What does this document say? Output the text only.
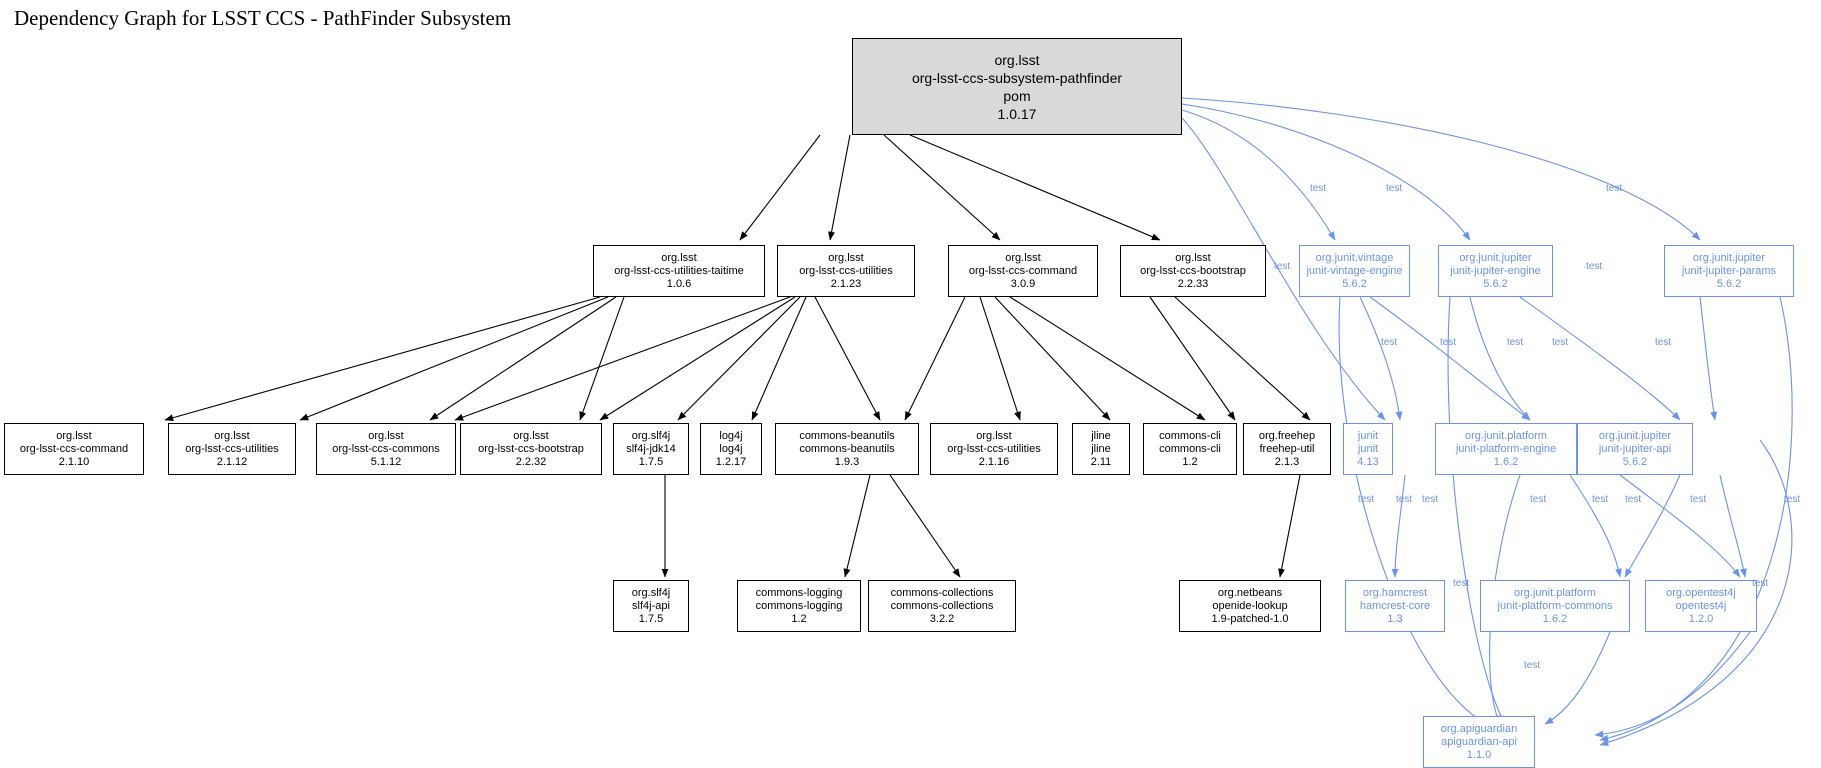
Dependency Graph for LSST CCS - PathFinder Subsystem
org.lsst
org-lsst-ccs-subsystem-pathfinder
pom
1.0.17
org.lsst
org-lsst-ccs-utilities-taitime
1.0.6
org.lsst
org-lsst-ccs-utilities
2.1.23
org.lsst
org-lsst-ccs-command
3.0.9
org.lsst
org-lsst-ccs-bootstrap
2.2.33
org.junit.vintage
junit-vintage-engine
5.6.2
org.junit.jupiter
junit-jupiter-engine
5.6.2
org.junit.jupiter
junit-jupiter-params
5.6.2
org.lsst
org-lsst-ccs-command
2.1.10
org.lsst
org-lsst-ccs-utilities
2.1.12
org.lsst
org-lsst-ccs-commons
5.1.12
org.lsst
org-lsst-ccs-bootstrap
2.2.32
org.slf4j
slf4j-jdk14
1.7.5
log4j
log4j
1.2.17
commons-beanutils
commons-beanutils
1.9.3
org.lsst
org-lsst-ccs-utilities
2.1.16
jline
jline
2.11
commons-cli
commons-cli
1.2
org.freehep
freehep-util
2.1.3
junit
junit
4.13
org.junit.platform
junit-platform-engine
1.6.2
org.junit.jupiter
junit-jupiter-api
5.6.2
org.slf4j
slf4j-api
1.7.5
commons-logging
commons-logging
1.2
commons-collections
commons-collections
3.2.2
org.netbeans
openide-lookup
1.9-patched-1.0
org.hamcrest
hamcrest-core
1.3
org.junit.platform
junit-platform-commons
1.6.2
org.opentest4j
opentest4j
1.2.0
org.apiguardian
apiguardian-api
1.1.0
test	test	test
test	test
test	test	test	test	test
test test test	test	test test	test	test
test	test
test
